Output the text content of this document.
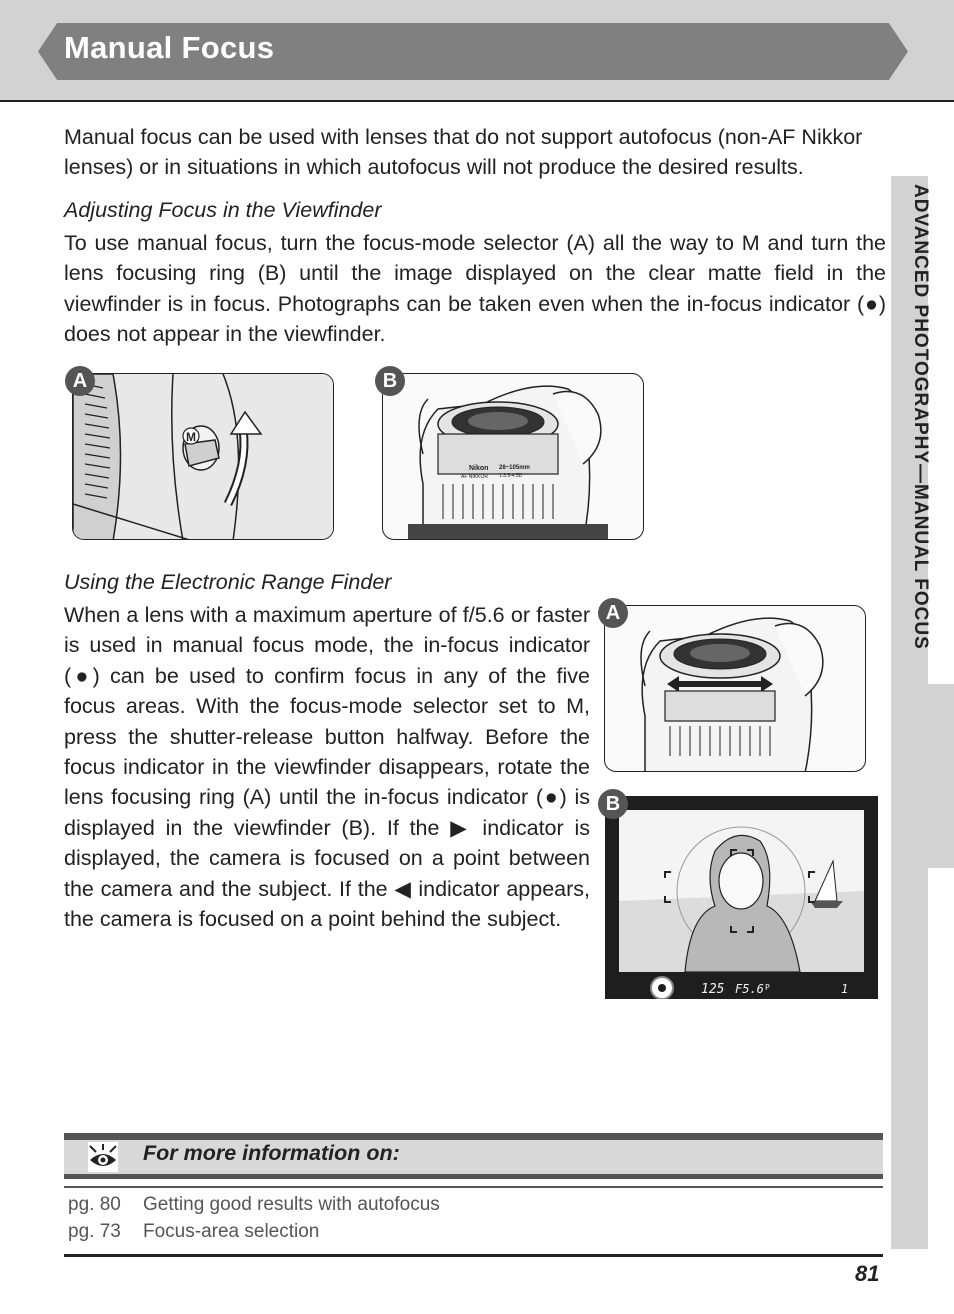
Manual Focus
ADVANCED PHOTOGRAPHY—MANUAL FOCUS

Manual focus can be used with lenses that do not support autofocus (non-AF Nikkor lenses) or in situations in which autofocus will not produce the desired results.

Adjusting Focus in the Viewfinder

To use manual focus, turn the focus-mode selector (A) all the way to M and turn the lens focusing ring (B) until the image displayed on the clear matte field in the viewfinder is in focus. Photographs can be taken even when the in-focus indicator (●) does not appear in the viewfinder.

M
A
Nikon
AF NIKKOR
28~105mm
1:3.5-4.5D
B
Using the Electronic Range Finder

When a lens with a maximum aperture of f/5.6 or faster is used in manual focus mode, the in-focus indicator (●) can be used to confirm focus in any of the five focus areas. With the focus-mode selector set to M, press the shutter-release button halfway. Before the focus indicator in the viewfinder disappears, rotate the lens focusing ring (A) until the in-focus indicator (●) is displayed in the viewfinder (B). If the ▶ indicator is displayed, the camera is focused on a point between the camera and the subject. If the ◀ indicator appears, the camera is focused on a point behind the subject.

A
125 F5.6 P	1
B
For more information on:
pg. 80 Getting good results with autofocus
pg. 73 Focus-area selection
81
